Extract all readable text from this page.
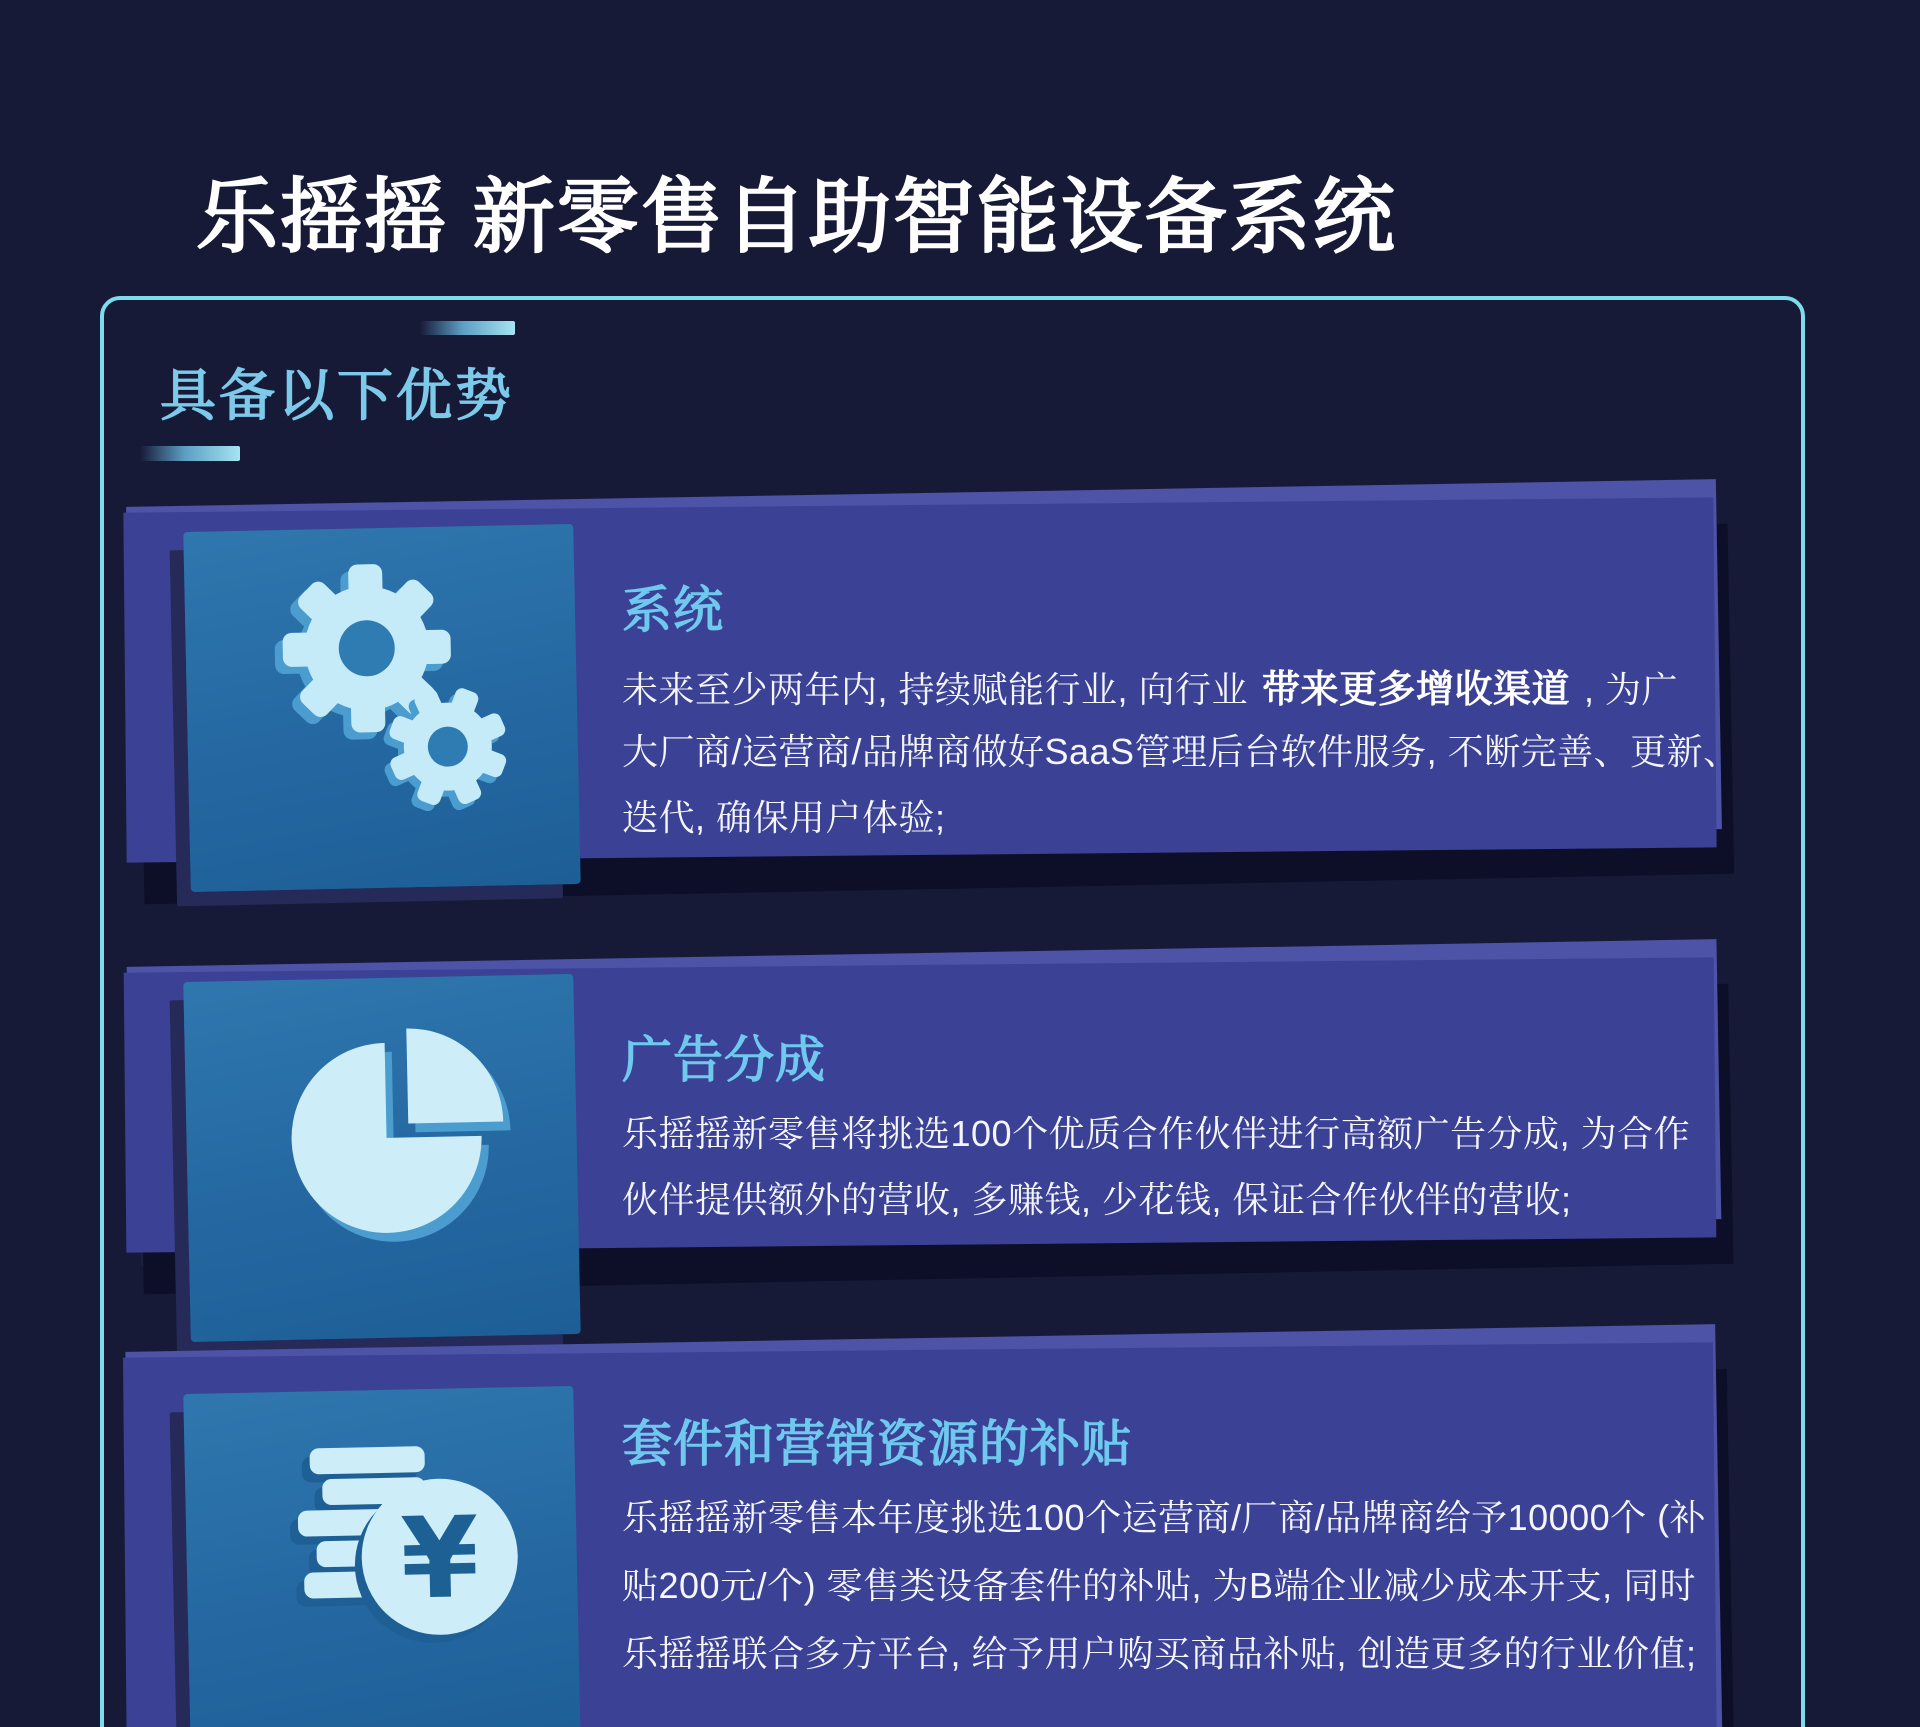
乐摇摇 新零售自助智能设备系统
具备以下优势
系统
未来至少两年内, 持续赋能行业, 向行业 带来更多增收渠道 , 为广
大厂商/运营商/品牌商做好SaaS管理后台软件服务, 不断完善、更新、
迭代, 确保用户体验;
广告分成
乐摇摇新零售将挑选100个优质合作伙伴进行高额广告分成, 为合作
伙伴提供额外的营收, 多赚钱, 少花钱, 保证合作伙伴的营收;
¥
套件和营销资源的补贴
乐摇摇新零售本年度挑选100个运营商/厂商/品牌商给予10000个 (补
贴200元/个) 零售类设备套件的补贴, 为B端企业减少成本开支, 同时
乐摇摇联合多方平台, 给予用户购买商品补贴, 创造更多的行业价值;
